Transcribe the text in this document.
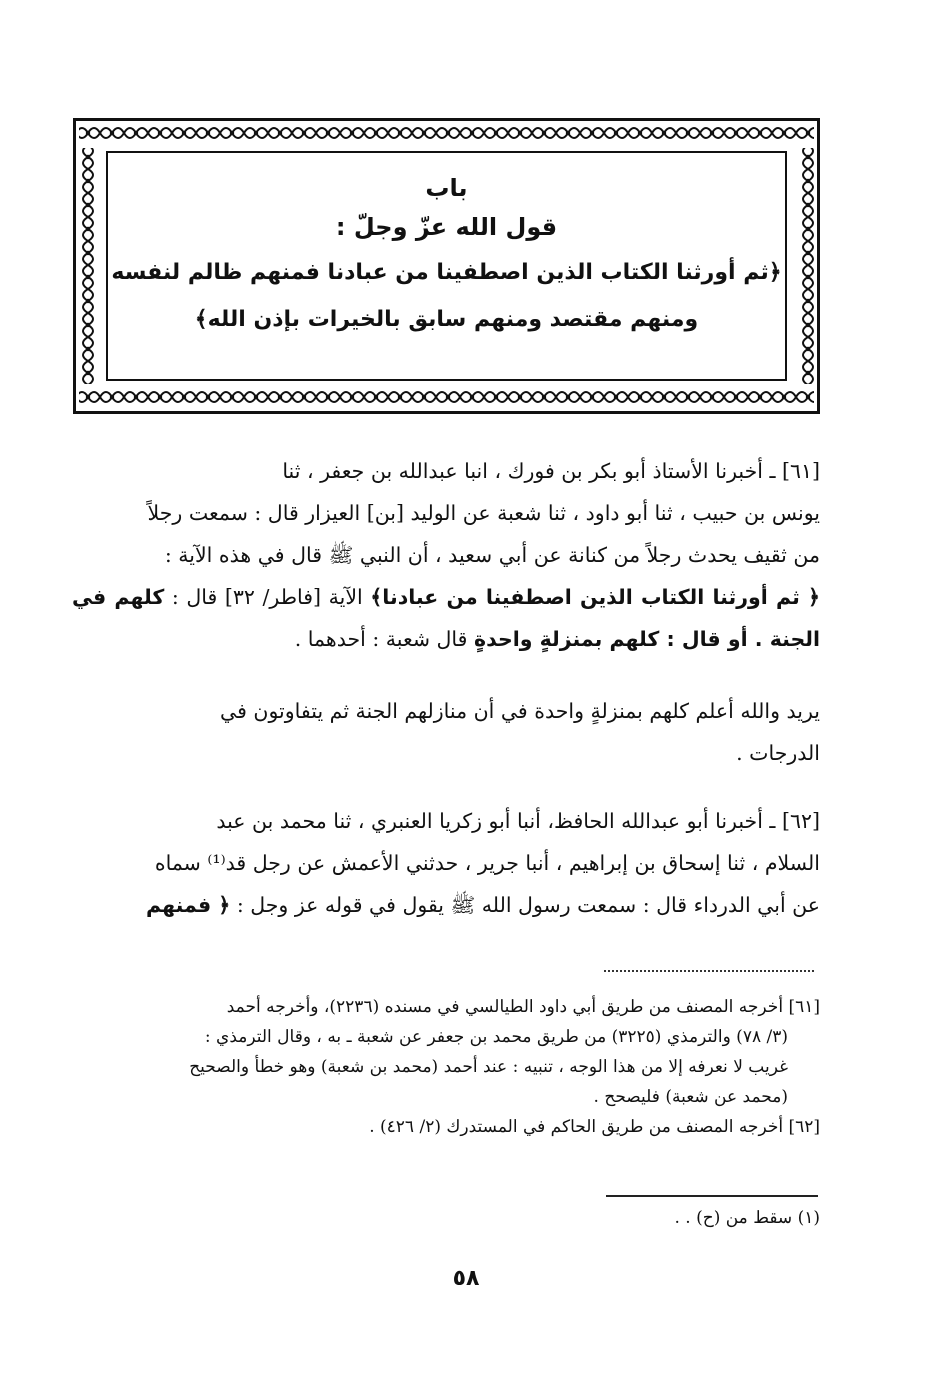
باب
قول الله عزّ وجلّ :
﴿ثم أورثنا الكتاب الذين اصطفينا من عبادنا فمنهم ظالم لنفسه
ومنهم مقتصد ومنهم سابق بالخيرات بإذن الله﴾

[٦١] ـ أخبرنا الأستاذ أبو بكر بن فورك ، انبا عبدالله بن جعفر ، ثنا

يونس بن حبيب ، ثنا أبو داود ، ثنا شعبة عن الوليد [بن] العيزار قال : سمعت رجلاً

من ثقيف يحدث رجلاً من كنانة عن أبي سعيد ، أن النبي ﷺ قال في هذه الآية :

﴿ ثم أورثنا الكتاب الذين اصطفينا من عبادنا﴾ الآية [فاطر/ ٣٢] قال : كلهم في الجنة . أو قال : كلهم بمنزلةٍ واحدةٍ قال شعبة : أحدهما .

يريد والله أعلم كلهم بمنزلةٍ واحدة في أن منازلهم الجنة ثم يتفاوتون في

الدرجات .

[٦٢] ـ أخبرنا أبو عبدالله الحافظ، أنبا أبو زكريا العنبري ، ثنا محمد بن عبد

السلام ، ثنا إسحاق بن إبراهيم ، أنبا جرير ، حدثني الأعمش عن رجل قد⁽¹⁾ سماه

عن أبي الدرداء قال : سمعت رسول الله ﷺ يقول في قوله عز وجل : ﴿ فمنهم

[٦١] أخرجه المصنف من طريق أبي داود الطيالسي في مسنده (٢٢٣٦)، وأخرجه أحمد

(٣/ ٧٨) والترمذي (٣٢٢٥) من طريق محمد بن جعفر عن شعبة ـ به ، وقال الترمذي :

غريب لا نعرفه إلا من هذا الوجه ، تنبيه : عند أحمد (محمد بن شعبة) وهو خطأ والصحيح

(محمد عن شعبة) فليصحح .

[٦٢] أخرجه المصنف من طريق الحاكم في المستدرك (٢/ ٤٢٦) .

(١) سقط من (ح) . .

٥٨
